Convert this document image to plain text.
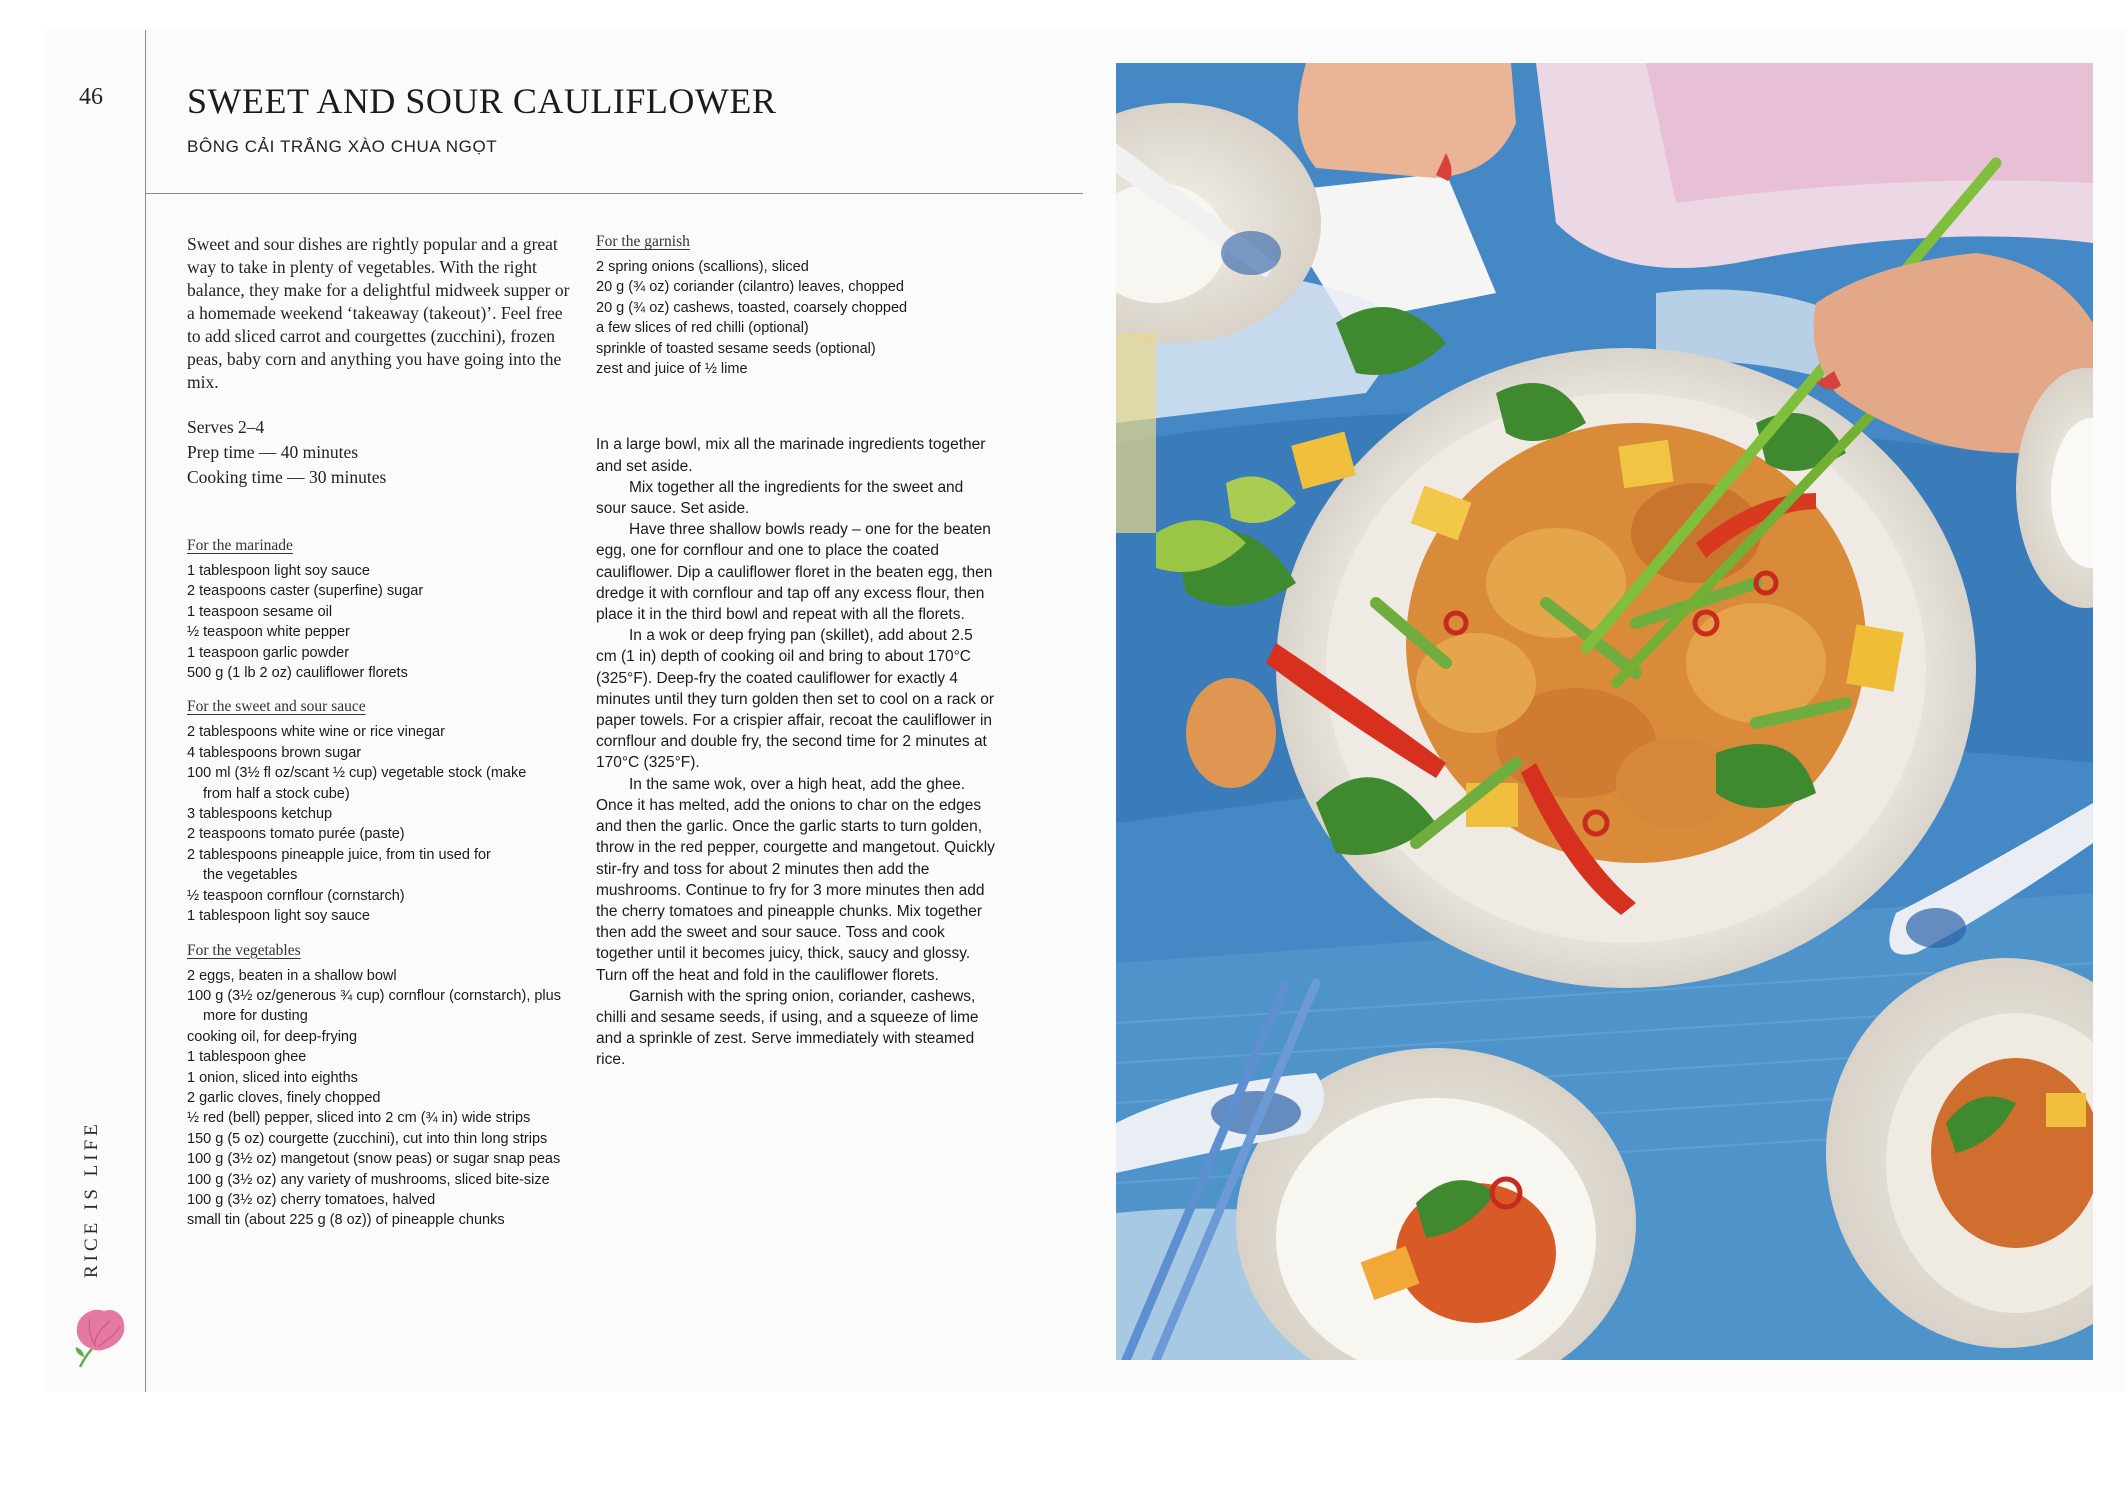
46 SWEET AND SOUR CAULIFLOWER
BÔNG CẢI TRẮNG XÀO CHUA NGỌT
RICE IS LIFE

Sweet and sour dishes are rightly popular and a great way to take in plenty of vegetables. With the right balance, they make for a delightful midweek supper or a homemade weekend ‘takeaway (takeout)’. Feel free to add sliced carrot and courgettes (zucchini), frozen peas, baby corn and anything you have going into the mix.

Serves 2–4
Prep time — 40 minutes
Cooking time — 30 minutes
For the marinade
1 tablespoon light soy sauce
2 teaspoons caster (superfine) sugar
1 teaspoon sesame oil
½ teaspoon white pepper
1 teaspoon garlic powder
500 g (1 lb 2 oz) cauliflower florets
For the sweet and sour sauce
2 tablespoons white wine or rice vinegar
4 tablespoons brown sugar
100 ml (3½ fl oz/scant ½ cup) vegetable stock (make from half a stock cube)
3 tablespoons ketchup
2 teaspoons tomato purée (paste)
2 tablespoons pineapple juice, from tin used for the vegetables
½ teaspoon cornflour (cornstarch)
1 tablespoon light soy sauce
For the vegetables
2 eggs, beaten in a shallow bowl
100 g (3½ oz/generous ¾ cup) cornflour (cornstarch), plus more for dusting
cooking oil, for deep-frying
1 tablespoon ghee
1 onion, sliced into eighths
2 garlic cloves, finely chopped
½ red (bell) pepper, sliced into 2 cm (¾ in) wide strips
150 g (5 oz) courgette (zucchini), cut into thin long strips
100 g (3½ oz) mangetout (snow peas) or sugar snap peas
100 g (3½ oz) any variety of mushrooms, sliced bite-size
100 g (3½ oz) cherry tomatoes, halved
small tin (about 225 g (8 oz)) of pineapple chunks
For the garnish
2 spring onions (scallions), sliced
20 g (¾ oz) coriander (cilantro) leaves, chopped
20 g (¾ oz) cashews, toasted, coarsely chopped
a few slices of red chilli (optional)
sprinkle of toasted sesame seeds (optional)
zest and juice of ½ lime

In a large bowl, mix all the marinade ingredients together and set aside.

Mix together all the ingredients for the sweet and sour sauce. Set aside.

Have three shallow bowls ready – one for the beaten egg, one for cornflour and one to place the coated cauliflower. Dip a cauliflower floret in the beaten egg, then dredge it with cornflour and tap off any excess flour, then place it in the third bowl and repeat with all the florets.

In a wok or deep frying pan (skillet), add about 2.5 cm (1 in) depth of cooking oil and bring to about 170°C (325°F). Deep-fry the coated cauliflower for exactly 4 minutes until they turn golden then set to cool on a rack or paper towels. For a crispier affair, recoat the cauliflower in cornflour and double fry, the second time for 2 minutes at 170°C (325°F).

In the same wok, over a high heat, add the ghee. Once it has melted, add the onions to char on the edges and then the garlic. Once the garlic starts to turn golden, throw in the red pepper, courgette and mangetout. Quickly stir-fry and toss for about 2 minutes then add the mushrooms. Continue to fry for 3 more minutes then add the cherry tomatoes and pineapple chunks. Mix together then add the sweet and sour sauce. Toss and cook together until it becomes juicy, thick, saucy and glossy. Turn off the heat and fold in the cauliflower florets.

Garnish with the spring onion, coriander, cashews, chilli and sesame seeds, if using, and a squeeze of lime and a sprinkle of zest. Serve immediately with steamed rice.
